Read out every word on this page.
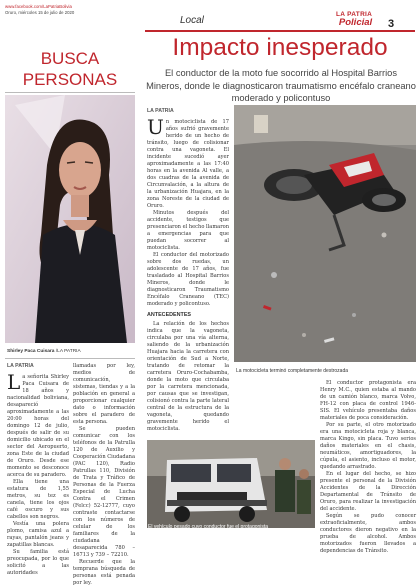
www.facebook.com/LaPatriaBolivia
Oruro, miércoles 15 de julio de 2020
Local
LA PATRIA
Policial 3
Impacto inesperado
El conductor de la moto fue socorrido al Hospital Barrios Mineros, donde le diagnosticaron traumatismo encéfalo craneano moderado y policontuso
BUSCA
PERSONAS
Shirley Paca Cuisara /LA PATRIA
LA PATRIA

La señorita Shirley Paca Cuisara de 18 años y nacionalidad boliviana, desapareció aproximadamente a las 20:00 horas del domingo 12 de julio, después de salir de su domicilio ubicado en el sector del Aeropuerto, zona Este de la ciudad de Oruro. Desde ese momento se desconoce acerca de su paradero.

Ella tiene una estatura de 1,55 metros, su tez es canela, tiene los ojos café oscuro y sus cabellos son negros.

Vestía una polera plomo, camisa azul a rayas, pantalón jeans y zapatillas blancas.

Su familia está preocupada, por lo que solicitó a las autoridades

llamadas por ley, medios de comunicación, sistemas, tiendas y a la población en general a proporcionar cualquier dato o información sobre el paradero de esta persona.

Se pueden comunicar con los teléfonos de la Patrulla 120 de Auxilio y Cooperación Ciudadana (PAC 120), Radio Patrullas 110, División de Trata y Tráfico de Personas de la Fuerza Especial de Lucha Contra el Crimen (Felcc) 52-12777, cuyo contraste contactarse con los números de celular de los familiares de la ciudadana desaparecida 780 – 16713 y 739 – 72210.

Recuerde que la temprana búsqueda de personas está penada por ley.

LA PATRIA

Un motociclista de 17 años sufrió gravemente herido de un hecho de tránsito, luego de colisionar contra una vagoneta. El incidente sucedió ayer aproximadamente a las 17:40 horas en la avenida Al valle, a dos cuadras de la avenida de Circunvalación, a la altura de la urbanización Huajara, en la zona Noreste de la ciudad de Oruro.

Minutos después del accidente, testigos que presenciaron el hecho llamaron a emergencias para que puedan socorrer al motociclista.

El conductor del motorizado sobre dos ruedas, un adolescente de 17 años, fue trasladado al Hospital Barrios Mineros, donde le diagnosticaron Traumatismo Encéfalo Craneano (TEC) moderado y policontuso.

ANTECEDENTES

La relación de los hechos indica que la vagoneta, circulaba por una vía alterna, saliendo de la urbanización Huajara hacia la carretera con orientación de Sud a Norte, tratando de retomar la carretera Oruro-Cochabamba, donde la moto que circulaba por la carretera mencionada, por causas que se investigan, colisionó contra la parte lateral central de la estructura de la vagoneta, quedando gravemente herido el motociclista.

La motocicleta terminó completamente destrozada

El conductor protagonista era Henry M.C., quien estaba al mando de un camión blanco, marca Volvo, FH-12 con placa de control 1946-SIS. El vehículo presentaba daños materiales de poca consideración.

Por su parte, el otro motorizado era una motocicleta roja y blanca, marca Kingo, sin placa. Tuvo serios daños materiales en el chasis, neumáticos, amortiguadores, la cúpula, el asiento, incluso el motor, quedando arrastrado.

En el lugar del hecho, se hizo presente el personal de la División Accidentes de la Dirección Departamental de Tránsito de Oruro, para realizar la investigación del accidente.

Según se pudo conocer extraoficialmente, ambos conductores dieron negativo en la prueba de alcohol. Ambos motorizados fueron llevados a dependencias de Tránsito.

El vehículo pesado cuyo conductor fue el protagonista
